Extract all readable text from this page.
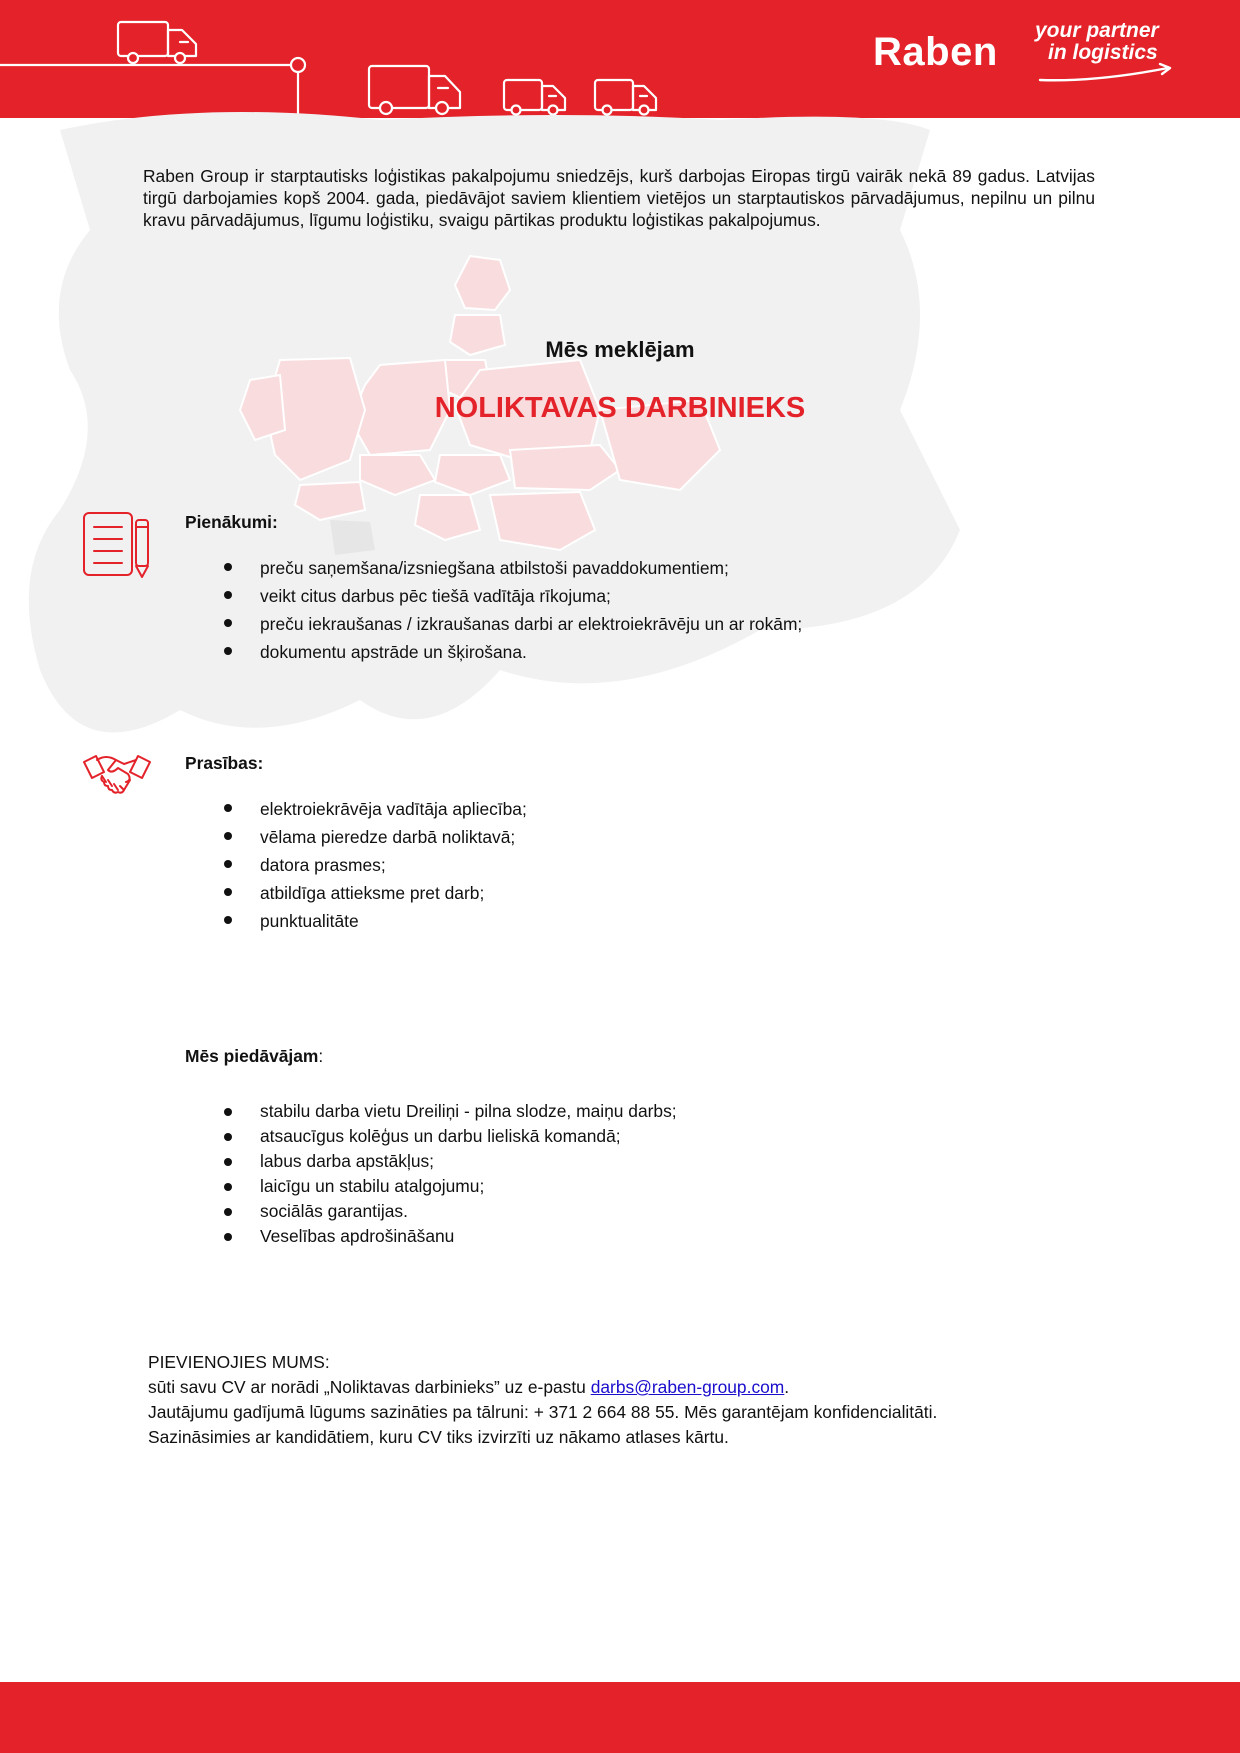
Raben your partner
in logistics
Raben Group ir starptautisks loģistikas pakalpojumu sniedzējs, kurš darbojas Eiropas tirgū vairāk nekā 89 gadus. Latvijas tirgū darbojamies kopš 2004. gada, piedāvājot saviem klientiem vietējos un starptautiskos pārvadājumus, nepilnu un pilnu kravu pārvadājumus, līgumu loģistiku, svaigu pārtikas produktu loģistikas pakalpojumus.
Mēs meklējam
NOLIKTAVAS DARBINIEKS
Pienākumi:
preču saņemšana/izsniegšana atbilstoši pavaddokumentiem;
veikt citus darbus pēc tiešā vadītāja rīkojuma;
preču iekraušanas / izkraušanas darbi ar elektroiekrāvēju un ar rokām;
dokumentu apstrāde un šķirošana.
Prasības:
elektroiekrāvēja vadītāja apliecība;
vēlama pieredze darbā noliktavā;
datora prasmes;
atbildīga attieksme pret darb;
punktualitāte
Mēs piedāvājam:
stabilu darba vietu Dreiliņi - pilna slodze, maiņu darbs;
atsaucīgus kolēģus un darbu lieliskā komandā;
labus darba apstākļus;
laicīgu un stabilu atalgojumu;
sociālās garantijas.
Veselības apdrošināšanu
PIEVIENOJIES MUMS:
sūti savu CV ar norādi „Noliktavas darbinieks” uz e-pastu darbs@raben-group.com.
Jautājumu gadījumā lūgums sazināties pa tālruni: + 371 2 664 88 55. Mēs garantējam konfidencialitāti.
Sazināsimies ar kandidātiem, kuru CV tiks izvirzīti uz nākamo atlases kārtu.
